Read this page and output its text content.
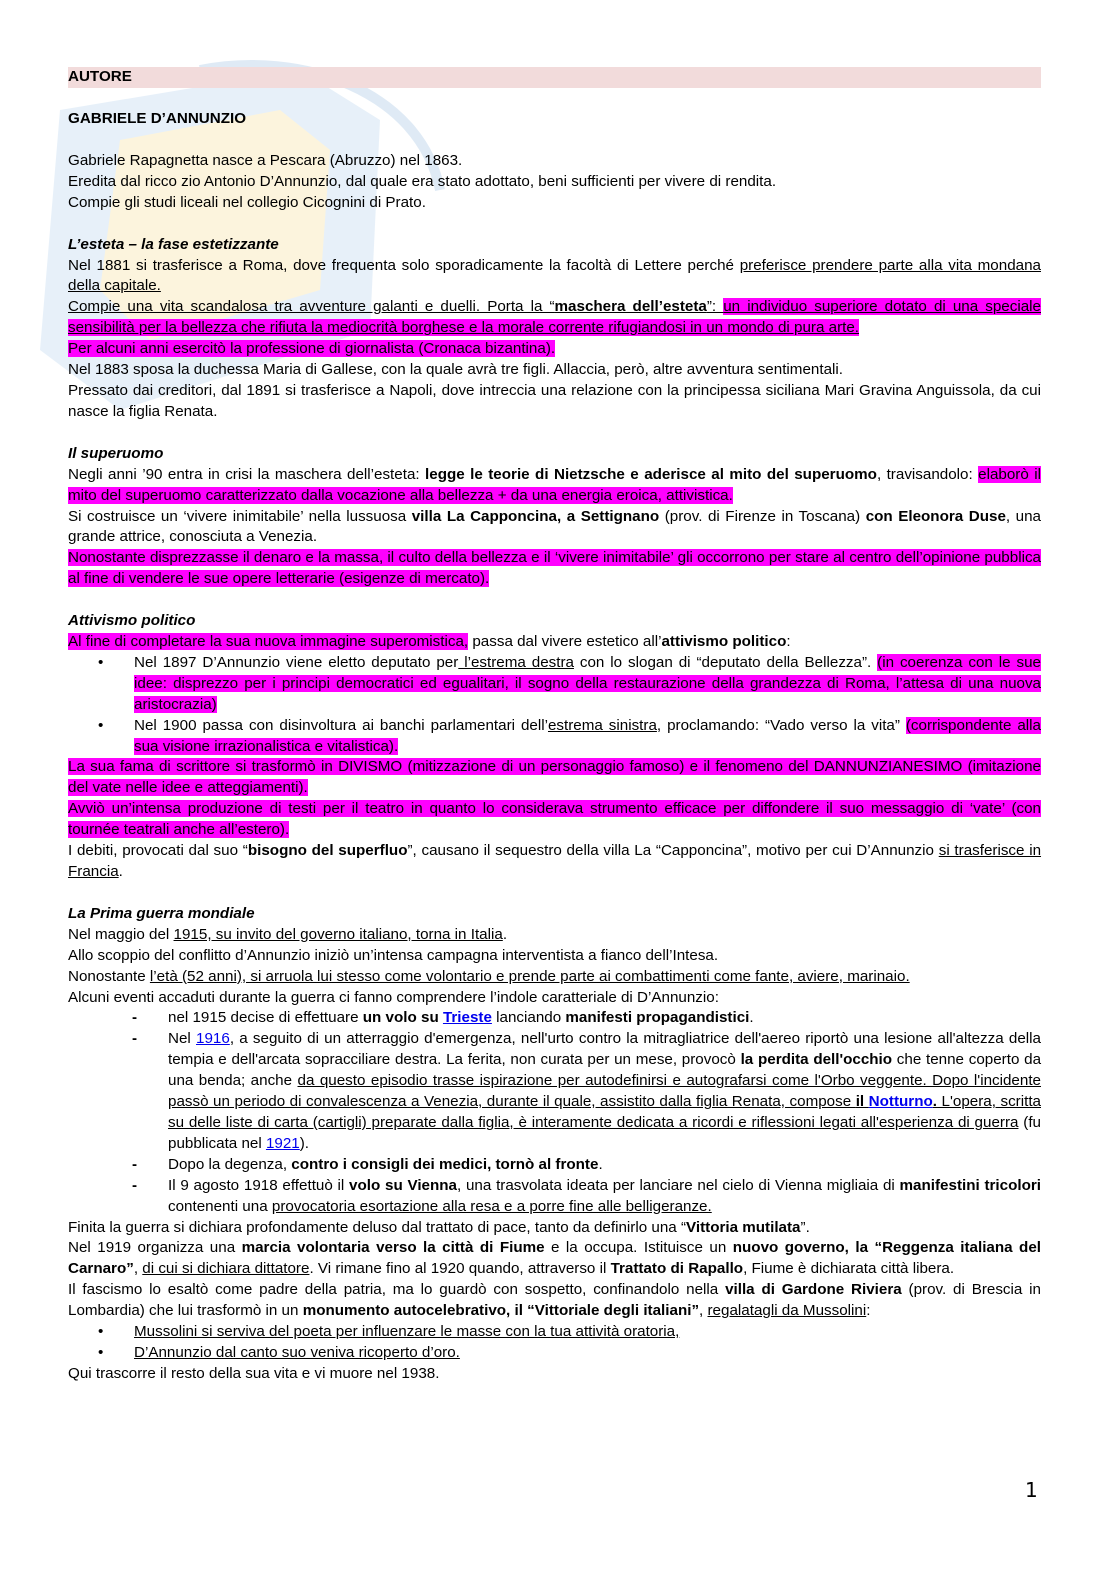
AUTORE

GABRIELE D’ANNUNZIO

Gabriele Rapagnetta nasce a Pescara (Abruzzo) nel 1863.

Eredita dal ricco zio Antonio D’Annunzio, dal quale era stato adottato, beni sufficienti per vivere di rendita.

Compie gli studi liceali nel collegio Cicognini di Prato.

L’esteta – la fase estetizzante

Nel 1881 si trasferisce a Roma, dove frequenta solo sporadicamente la facoltà di Lettere perché preferisce prendere parte alla vita mondana della capitale.

Compie una vita scandalosa tra avventure galanti e duelli. Porta la “maschera dell’esteta”: un individuo superiore dotato di una speciale sensibilità per la bellezza che rifiuta la mediocrità borghese e la morale corrente rifugiandosi in un mondo di pura arte.

Per alcuni anni esercitò la professione di giornalista (Cronaca bizantina).

Nel 1883 sposa la duchessa Maria di Gallese, con la quale avrà tre figli. Allaccia, però, altre avventura sentimentali.

Pressato dai creditori, dal 1891 si trasferisce a Napoli, dove intreccia una relazione con la principessa siciliana Mari Gravina Anguissola, da cui nasce la figlia Renata.

Il superuomo

Negli anni ’90 entra in crisi la maschera dell’esteta: legge le teorie di Nietzsche e aderisce al mito del superuomo, travisandolo: elaborò il mito del superuomo caratterizzato dalla vocazione alla bellezza + da una energia eroica, attivistica.

Si costruisce un ‘vivere inimitabile’ nella lussuosa villa La Capponcina, a Settignano (prov. di Firenze in Toscana) con Eleonora Duse, una grande attrice, conosciuta a Venezia.

Nonostante disprezzasse il denaro e la massa, il culto della bellezza e il ‘vivere inimitabile’ gli occorrono per stare al centro dell’opinione pubblica al fine di vendere le sue opere letterarie (esigenze di mercato).

Attivismo politico

Al fine di completare la sua nuova immagine superomistica, passa dal vivere estetico all’attivismo politico:

• Nel 1897 D’Annunzio viene eletto deputato per l’estrema destra con lo slogan di “deputato della Bellezza”. (in coerenza con le sue idee: disprezzo per i principi democratici ed egualitari, il sogno della restaurazione della grandezza di Roma, l’attesa di una nuova aristocrazia)
• Nel 1900 passa con disinvoltura ai banchi parlamentari dell’estrema sinistra, proclamando: “Vado verso la vita” (corrispondente alla sua visione irrazionalistica e vitalistica).

La sua fama di scrittore si trasformò in DIVISMO (mitizzazione di un personaggio famoso) e il fenomeno del DANNUNZIANESIMO (imitazione del vate nelle idee e atteggiamenti).

Avviò un’intensa produzione di testi per il teatro in quanto lo considerava strumento efficace per diffondere il suo messaggio di ‘vate’ (con tournée teatrali anche all’estero).

I debiti, provocati dal suo “bisogno del superfluo”, causano il sequestro della villa La “Capponcina”, motivo per cui D’Annunzio si trasferisce in Francia.

La Prima guerra mondiale

Nel maggio del 1915, su invito del governo italiano, torna in Italia.

Allo scoppio del conflitto d’Annunzio iniziò un’intensa campagna interventista a fianco dell’Intesa.

Nonostante l’età (52 anni), si arruola lui stesso come volontario e prende parte ai combattimenti come fante, aviere, marinaio.

Alcuni eventi accaduti durante la guerra ci fanno comprendere l’indole caratteriale di D’Annunzio:

- nel 1915 decise di effettuare un volo su Trieste lanciando manifesti propagandistici.
- Nel 1916, a seguito di un atterraggio d'emergenza, nell'urto contro la mitragliatrice dell'aereo riportò una lesione all'altezza della tempia e dell'arcata sopracciliare destra. La ferita, non curata per un mese, provocò la perdita dell'occhio che tenne coperto da una benda; anche da questo episodio trasse ispirazione per autodefinirsi e autografarsi come l'Orbo veggente. Dopo l'incidente passò un periodo di convalescenza a Venezia, durante il quale, assistito dalla figlia Renata, compose il Notturno. L'opera, scritta su delle liste di carta (cartigli) preparate dalla figlia, è interamente dedicata a ricordi e riflessioni legati all'esperienza di guerra (fu pubblicata nel 1921).
- Dopo la degenza, contro i consigli dei medici, tornò al fronte.
- Il 9 agosto 1918 effettuò il volo su Vienna, una trasvolata ideata per lanciare nel cielo di Vienna migliaia di manifestini tricolori contenenti una provocatoria esortazione alla resa e a porre fine alle belligeranze.

Finita la guerra si dichiara profondamente deluso dal trattato di pace, tanto da definirlo una “Vittoria mutilata”.

Nel 1919 organizza una marcia volontaria verso la città di Fiume e la occupa. Istituisce un nuovo governo, la “Reggenza italiana del Carnaro”, di cui si dichiara dittatore. Vi rimane fino al 1920 quando, attraverso il Trattato di Rapallo, Fiume è dichiarata città libera.

Il fascismo lo esaltò come padre della patria, ma lo guardò con sospetto, confinandolo nella villa di Gardone Riviera (prov. di Brescia in Lombardia) che lui trasformò in un monumento autocelebrativo, il “Vittoriale degli italiani”, regalatagli da Mussolini:

• Mussolini si serviva del poeta per influenzare le masse con la tua attività oratoria,
• D’Annunzio dal canto suo veniva ricoperto d’oro.

Qui trascorre il resto della sua vita e vi muore nel 1938.

1
